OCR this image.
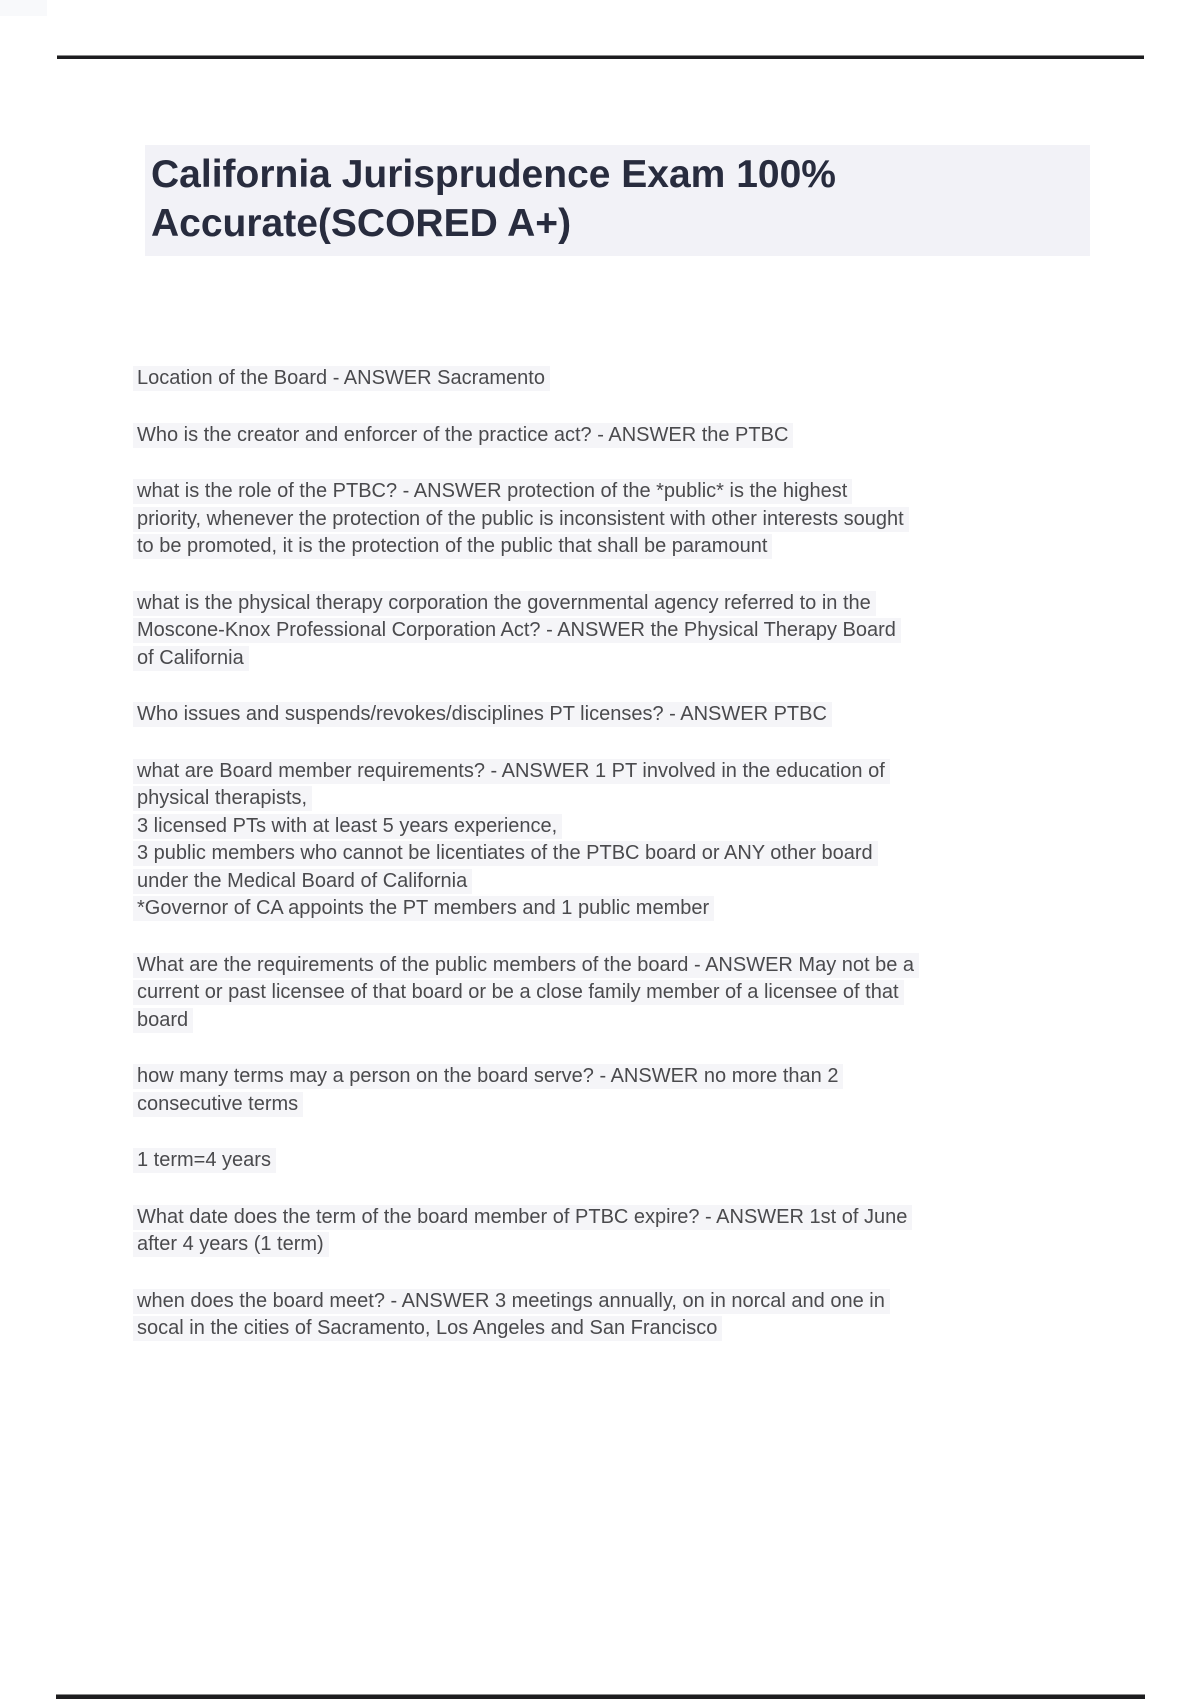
California Jurisprudence Exam 100% Accurate(SCORED A+)

Location of the Board - ANSWER Sacramento

Who is the creator and enforcer of the practice act? - ANSWER the PTBC

what is the role of the PTBC? - ANSWER protection of the *public* is the highest
priority, whenever the protection of the public is inconsistent with other interests sought
to be promoted, it is the protection of the public that shall be paramount

what is the physical therapy corporation the governmental agency referred to in the
Moscone-Knox Professional Corporation Act? - ANSWER the Physical Therapy Board
of California

Who issues and suspends/revokes/disciplines PT licenses? - ANSWER PTBC

what are Board member requirements? - ANSWER 1 PT involved in the education of
physical therapists,
3 licensed PTs with at least 5 years experience,
3 public members who cannot be licentiates of the PTBC board or ANY other board
under the Medical Board of California
*Governor of CA appoints the PT members and 1 public member

What are the requirements of the public members of the board - ANSWER May not be a
current or past licensee of that board or be a close family member of a licensee of that
board

how many terms may a person on the board serve? - ANSWER no more than 2
consecutive terms

1 term=4 years

What date does the term of the board member of PTBC expire? - ANSWER 1st of June
after 4 years (1 term)

when does the board meet? - ANSWER 3 meetings annually, on in norcal and one in
socal in the cities of Sacramento, Los Angeles and San Francisco
